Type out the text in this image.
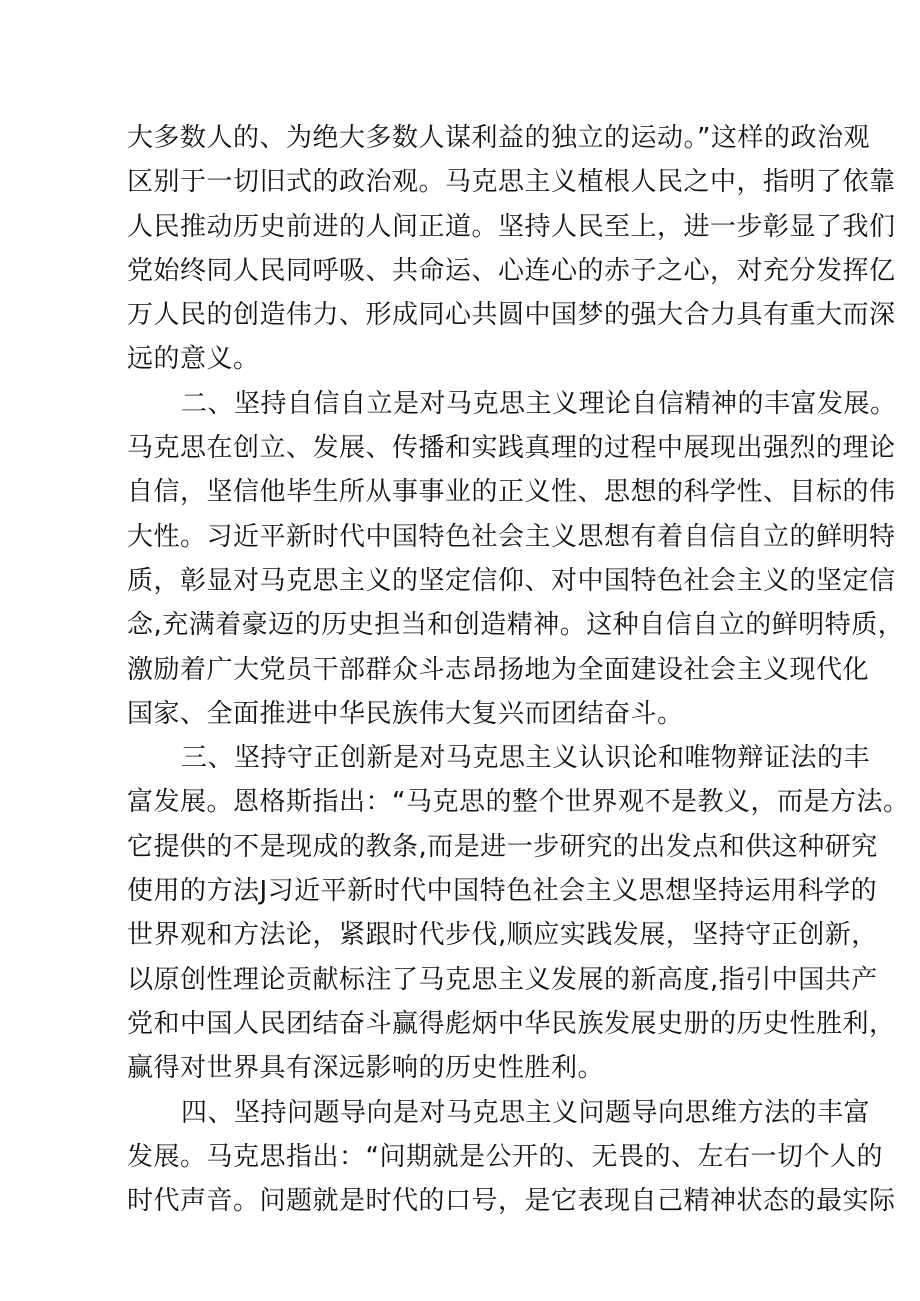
大多数人的、为绝大多数人谋利益的独立的运动。”这样的政治观
区别于一切旧式的政治观。马克思主义植根人民之中，指明了依靠
人民推动历史前进的人间正道。坚持人民至上，进一步彰显了我们
党始终同人民同呼吸、共命运、心连心的赤子之心，对充分发挥亿
万人民的创造伟力、形成同心共圆中国梦的强大合力具有重大而深
远的意义。
二、坚持自信自立是对马克思主义理论自信精神的丰富发展。
马克思在创立、发展、传播和实践真理的过程中展现出强烈的理论
自信，坚信他毕生所从事事业的正义性、思想的科学性、目标的伟
大性。习近平新时代中国特色社会主义思想有着自信自立的鲜明特
质，彰显对马克思主义的坚定信仰、对中国特色社会主义的坚定信
念,充满着豪迈的历史担当和创造精神。这种自信自立的鲜明特质，
激励着广大党员干部群众斗志昂扬地为全面建设社会主义现代化
国家、全面推进中华民族伟大复兴而团结奋斗。
三、坚持守正创新是对马克思主义认识论和唯物辩证法的丰
富发展。恩格斯指出：“马克思的整个世界观不是教义，而是方法。
它提供的不是现成的教条,而是进一步研究的出发点和供这种研究
使用的方法J习近平新时代中国特色社会主义思想坚持运用科学的
世界观和方法论，紧跟时代步伐,顺应实践发展，坚持守正创新，
以原创性理论贡献标注了马克思主义发展的新高度,指引中国共产
党和中国人民团结奋斗赢得彪炳中华民族发展史册的历史性胜利，
赢得对世界具有深远影响的历史性胜利。
四、坚持问题导向是对马克思主义问题导向思维方法的丰富
发展。马克思指出：“问期就是公开的、无畏的、左右一切个人的
时代声音。问题就是时代的口号，是它表现自己精神状态的最实际
